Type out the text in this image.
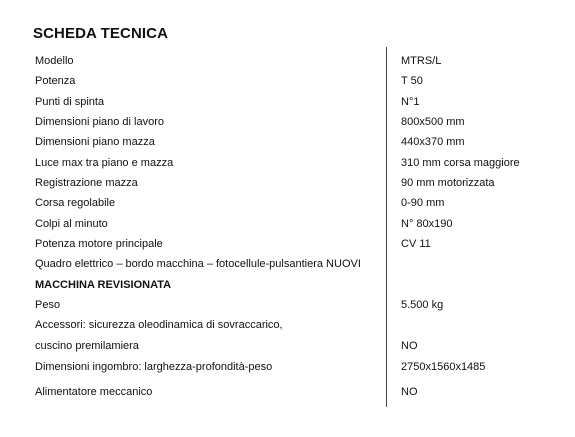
SCHEDA TECNICA
Modello	MTRS/L
Potenza	T 50
Punti di spinta	N°1
Dimensioni piano di lavoro	800x500 mm
Dimensioni piano mazza	440x370 mm
Luce max tra piano e mazza	310 mm corsa maggiore
Registrazione mazza	90 mm motorizzata
Corsa regolabile	0-90 mm
Colpi al minuto	N° 80x190
Potenza motore principale	CV 11
Quadro elettrico – bordo macchina – fotocellule-pulsantiera NUOVI
MACCHINA REVISIONATA
Peso	5.500 kg
Accessori: sicurezza oleodinamica di sovraccarico,
cuscino premilamiera	NO
Dimensioni ingombro: larghezza-profondità-peso	2750x1560x1485
Alimentatore meccanico	NO
